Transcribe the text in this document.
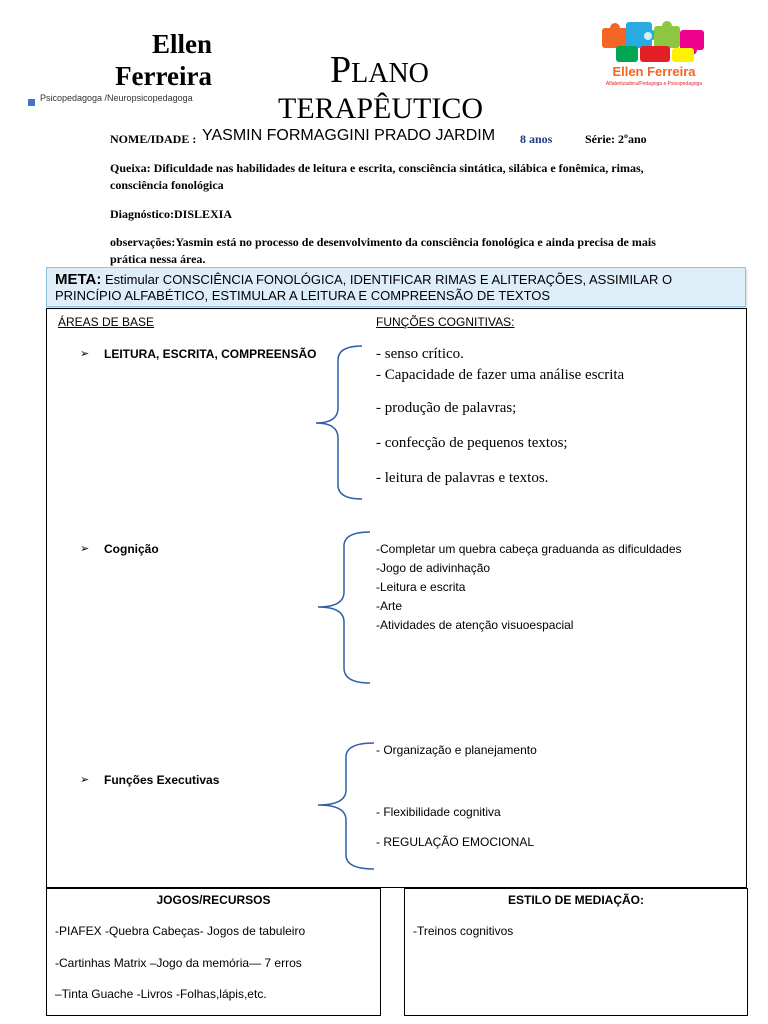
Ellen Ferreira
Psicopedagoga /Neuropsicopedagoga
PLANO
TERAPÊUTICO
Ellen Ferreira
Alfabetizadora/Pedagoga e Psicopedagoga
NOME/IDADE : YASMIN FORMAGGINI PRADO JARDIM 8 anos	Série: 2ºano
Queixa: Dificuldade nas habilidades de leitura e escrita, consciência sintática, silábica e fonêmica, rimas, consciência fonológica
Diagnóstico:DISLEXIA
observações:Yasmin está no processo de desenvolvimento da consciência fonológica e ainda precisa de mais prática nessa área.
META: Estimular CONSCIÊNCIA FONOLÓGICA, IDENTIFICAR RIMAS E ALITERAÇÕES, ASSIMILAR O PRINCÍPIO ALFABÉTICO, ESTIMULAR A LEITURA E COMPREENSÃO DE TEXTOS
ÁREAS DE BASE	FUNÇÕES COGNITIVAS:
➢ LEITURA, ESCRITA, COMPREENSÃO
➢ Cognição
➢ Funções Executivas
- senso crítico.
- Capacidade de fazer uma análise escrita
- produção de palavras;
- confecção de pequenos textos;
- leitura de palavras e textos.
-Completar um quebra cabeça graduanda as dificuldades
-Jogo de adivinhação
-Leitura e escrita
-Arte
-Atividades de atenção visuoespacial
- Organização e planejamento
- Flexibilidade cognitiva
- REGULAÇÃO EMOCIONAL
JOGOS/RECURSOS
-PIAFEX -Quebra Cabeças- Jogos de tabuleiro
-Cartinhas Matrix –Jogo da memória— 7 erros
–Tinta Guache -Livros -Folhas,lápis,etc.
ESTILO DE MEDIAÇÃO:
-Treinos cognitivos
